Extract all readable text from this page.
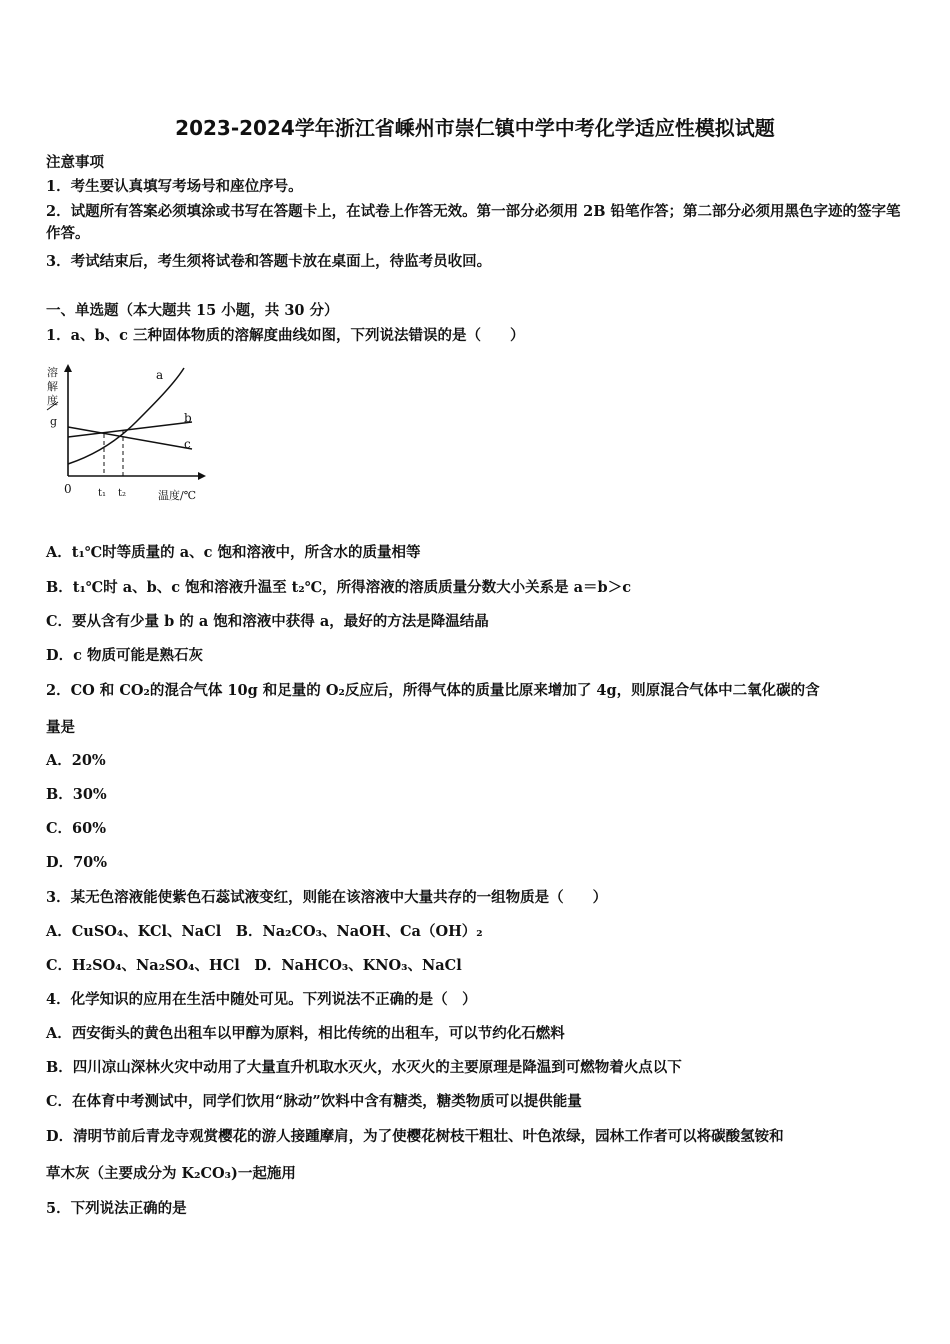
2023-2024学年浙江省嵊州市崇仁镇中学中考化学适应性模拟试题
注意事项
1．考生要认真填写考场号和座位序号。
2．试题所有答案必须填涂或书写在答题卡上，在试卷上作答无效。第一部分必须用 2B 铅笔作答；第二部分必须用黑色字迹的签字笔作答。
3．考试结束后，考生须将试卷和答题卡放在桌面上，待监考员收回。
一、单选题（本大题共 15 小题，共 30 分）
1．a、b、c 三种固体物质的溶解度曲线如图，下列说法错误的是（　　）
溶
解
度
g
a
b
c
0	t₁ t₂	温度/℃
A．t₁℃时等质量的 a、c 饱和溶液中，所含水的质量相等
B．t₁℃时 a、b、c 饱和溶液升温至 t₂℃，所得溶液的溶质质量分数大小关系是 a＝b＞c
C．要从含有少量 b 的 a 饱和溶液中获得 a，最好的方法是降温结晶
D．c 物质可能是熟石灰
2．CO 和 CO₂的混合气体 10g 和足量的 O₂反应后，所得气体的质量比原来增加了 4g，则原混合气体中二氧化碳的含
量是
A．20%
B．30%
C．60%
D．70%
3．某无色溶液能使紫色石蕊试液变红，则能在该溶液中大量共存的一组物质是（　　）
A．CuSO₄、KCl、NaCl　B．Na₂CO₃、NaOH、Ca（OH）₂
C．H₂SO₄、Na₂SO₄、HCl　D．NaHCO₃、KNO₃、NaCl
4．化学知识的应用在生活中随处可见。下列说法不正确的是（　）
A．西安街头的黄色出租车以甲醇为原料，相比传统的出租车，可以节约化石燃料
B．四川凉山深林火灾中动用了大量直升机取水灭火，水灭火的主要原理是降温到可燃物着火点以下
C．在体育中考测试中，同学们饮用“脉动”饮料中含有糖类，糖类物质可以提供能量
D．清明节前后青龙寺观赏樱花的游人接踵摩肩，为了使樱花树枝干粗壮、叶色浓绿，园林工作者可以将碳酸氢铵和
草木灰（主要成分为 K₂CO₃)一起施用
5．下列说法正确的是
